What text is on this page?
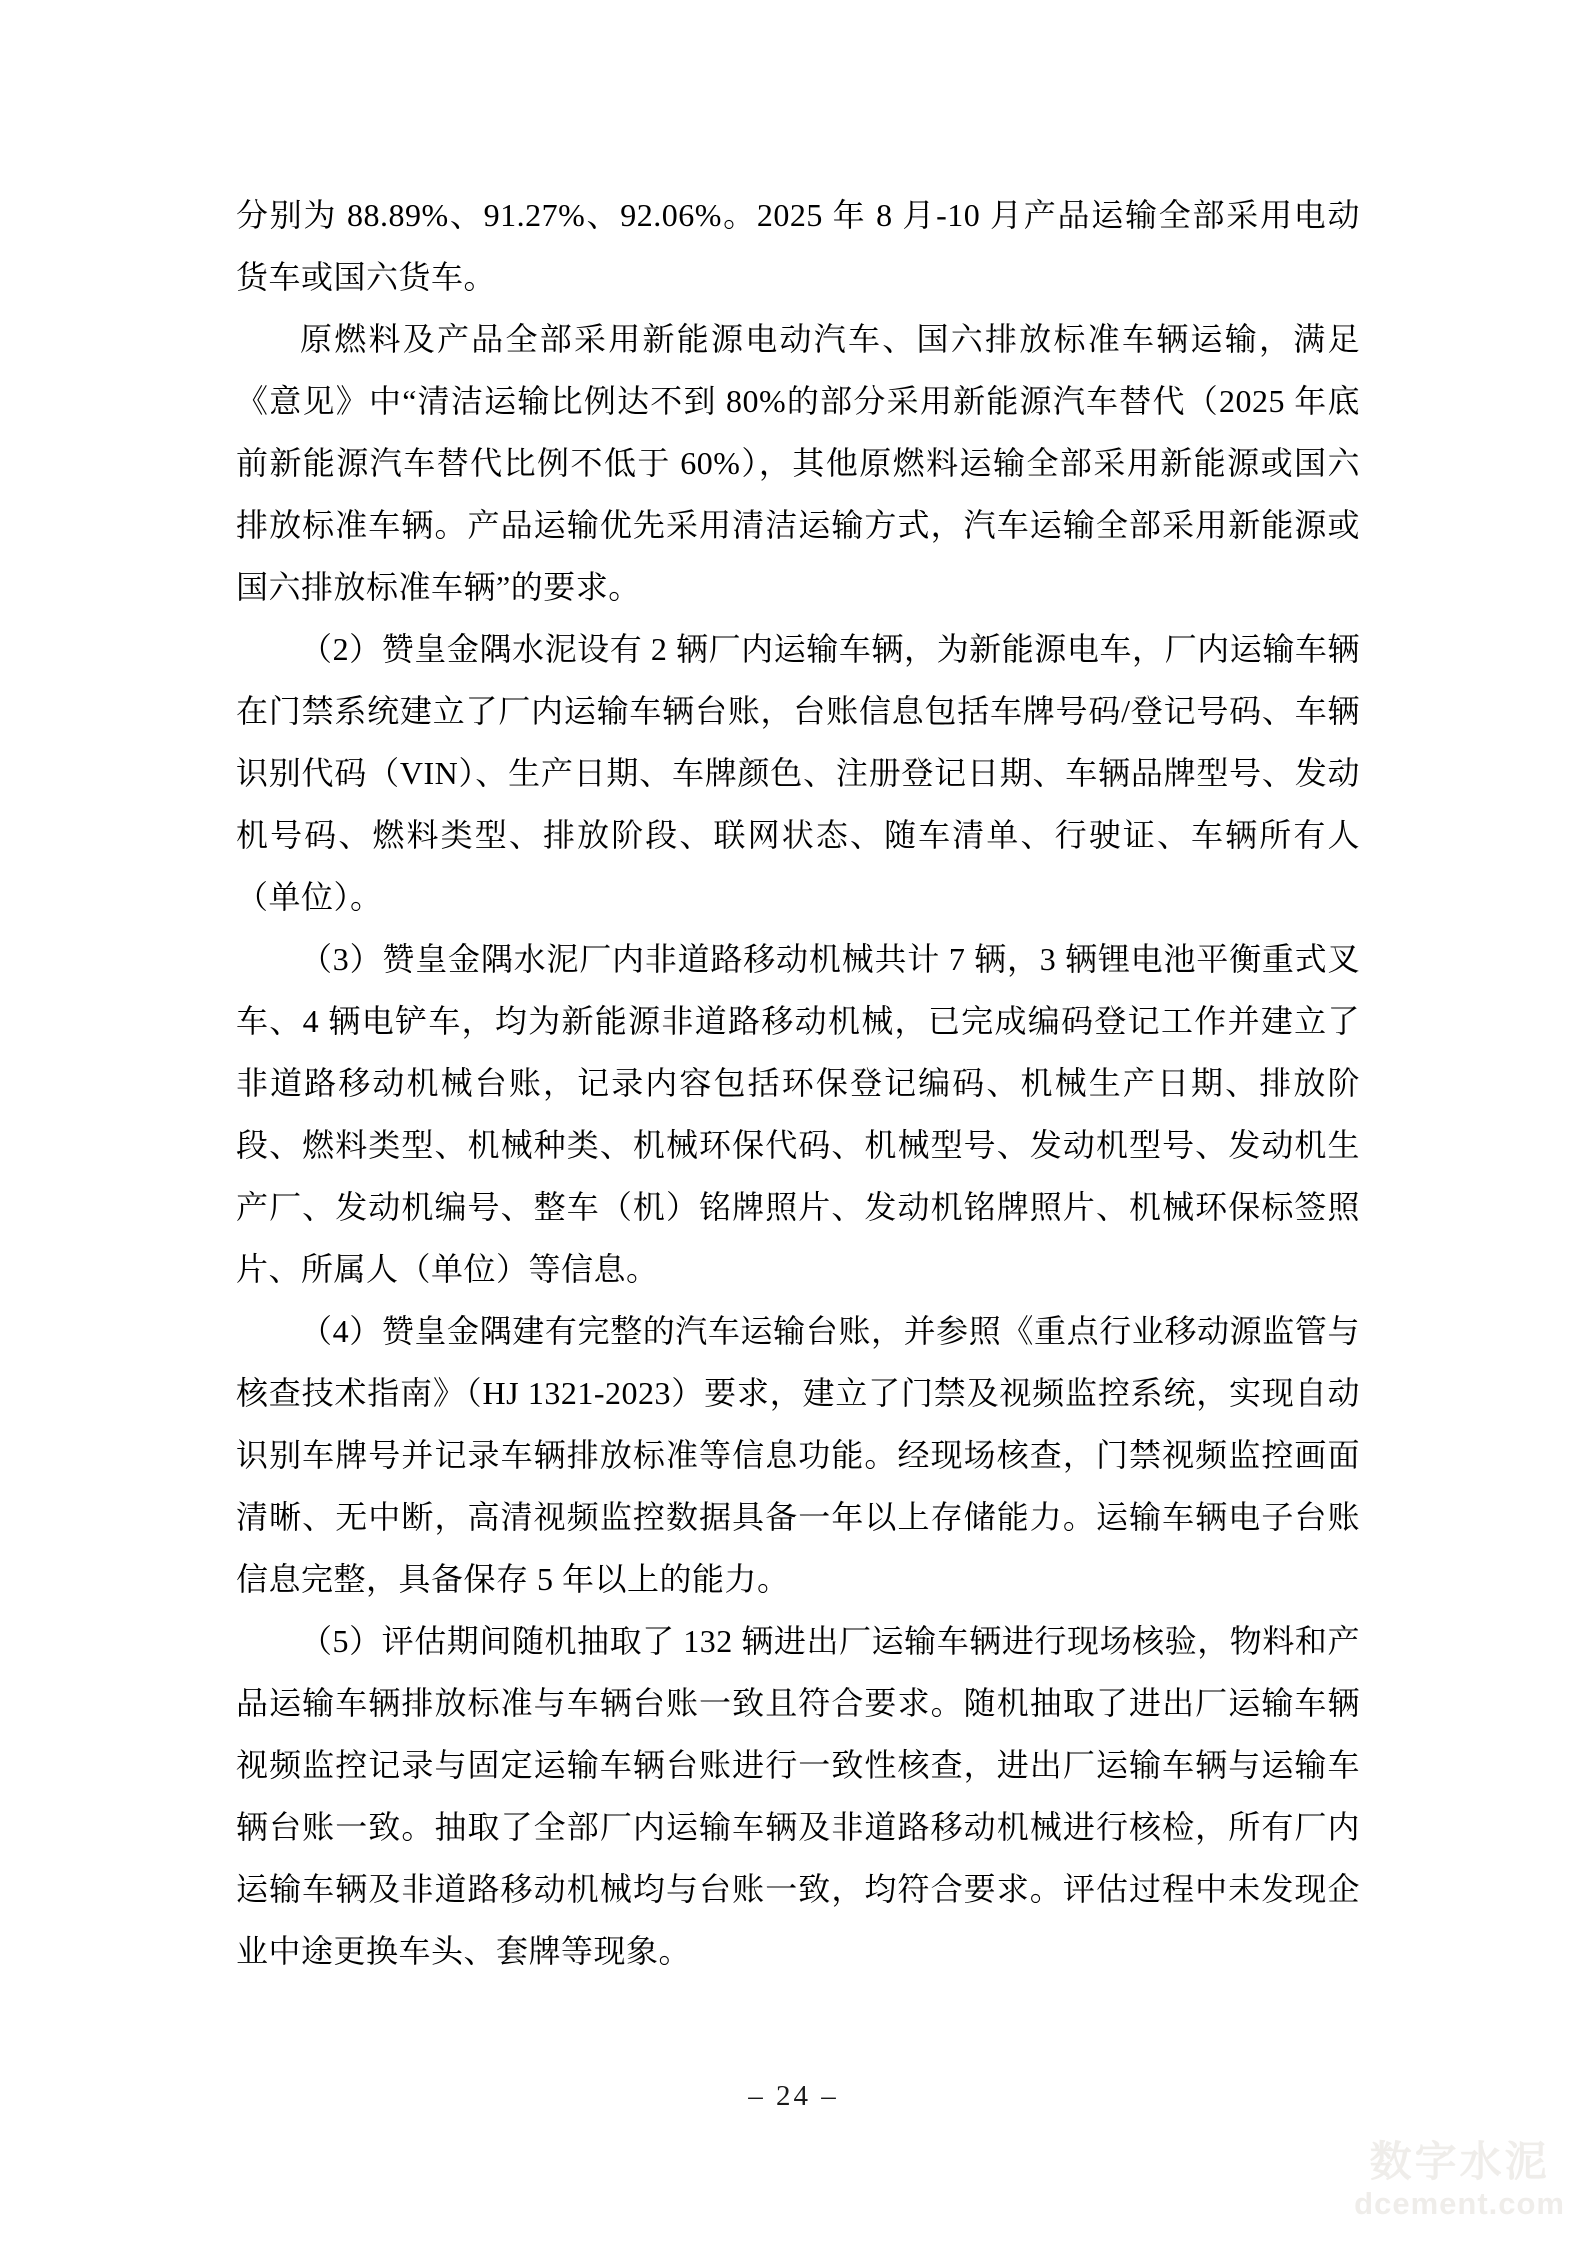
分别为 88.89%、91.27%、92.06%。2025 年 8 月-10 月产品运输全部采用电动货车或国六货车。

原燃料及产品全部采用新能源电动汽车、国六排放标准车辆运输，满足《意见》中“清洁运输比例达不到 80%的部分采用新能源汽车替代（2025 年底前新能源汽车替代比例不低于 60%），其他原燃料运输全部采用新能源或国六排放标准车辆。产品运输优先采用清洁运输方式，汽车运输全部采用新能源或国六排放标准车辆”的要求。

（2）赞皇金隅水泥设有 2 辆厂内运输车辆，为新能源电车，厂内运输车辆在门禁系统建立了厂内运输车辆台账，台账信息包括车牌号码/登记号码、车辆识别代码（VIN）、生产日期、车牌颜色、注册登记日期、车辆品牌型号、发动机号码、燃料类型、排放阶段、联网状态、随车清单、行驶证、车辆所有人（单位）。

（3）赞皇金隅水泥厂内非道路移动机械共计 7 辆，3 辆锂电池平衡重式叉车、4 辆电铲车，均为新能源非道路移动机械，已完成编码登记工作并建立了非道路移动机械台账，记录内容包括环保登记编码、机械生产日期、排放阶段、燃料类型、机械种类、机械环保代码、机械型号、发动机型号、发动机生产厂、发动机编号、整车（机）铭牌照片、发动机铭牌照片、机械环保标签照片、所属人（单位）等信息。

（4）赞皇金隅建有完整的汽车运输台账，并参照《重点行业移动源监管与核查技术指南》（HJ 1321-2023）要求，建立了门禁及视频监控系统，实现自动识别车牌号并记录车辆排放标准等信息功能。经现场核查，门禁视频监控画面清晰、无中断，高清视频监控数据具备一年以上存储能力。运输车辆电子台账信息完整，具备保存 5 年以上的能力。

（5）评估期间随机抽取了 132 辆进出厂运输车辆进行现场核验，物料和产品运输车辆排放标准与车辆台账一致且符合要求。随机抽取了进出厂运输车辆视频监控记录与固定运输车辆台账进行一致性核查，进出厂运输车辆与运输车辆台账一致。抽取了全部厂内运输车辆及非道路移动机械进行核检，所有厂内运输车辆及非道路移动机械均与台账一致，均符合要求。评估过程中未发现企业中途更换车头、套牌等现象。

– 24 –
数字水泥
dcement.com
